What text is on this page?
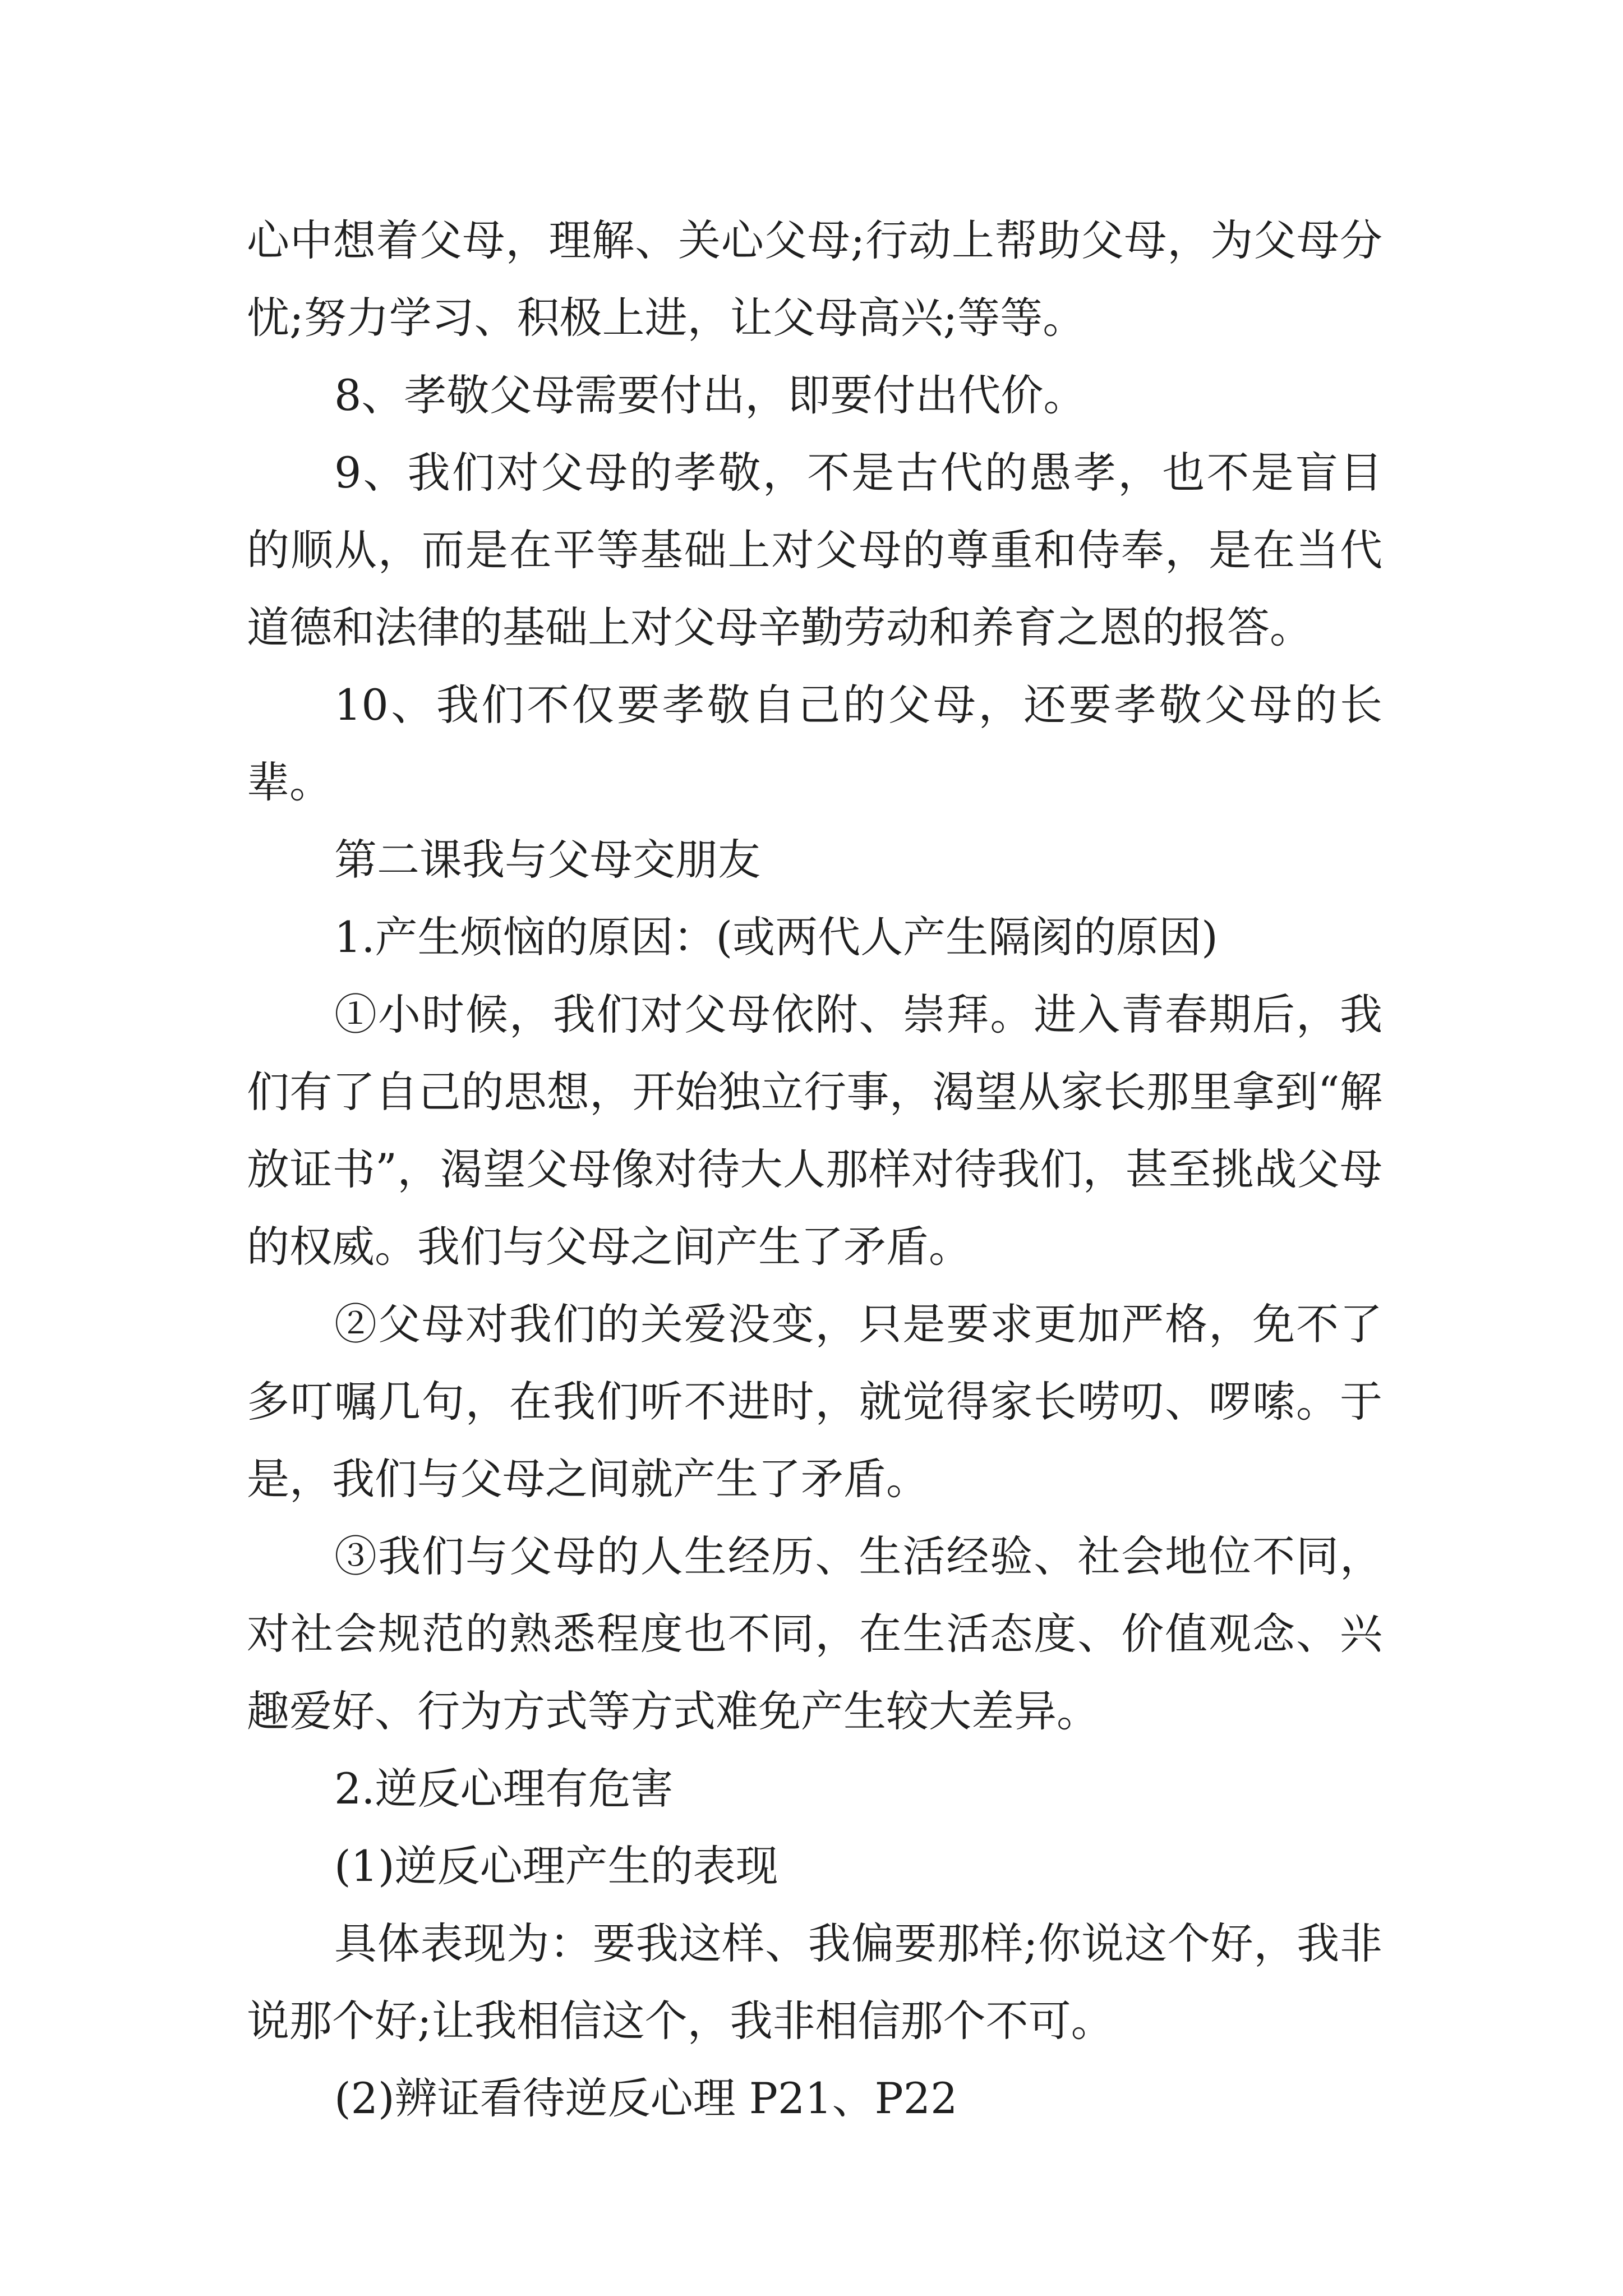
心中想着父母，理解、关心父母;行动上帮助父母，为父母分忧;努力学习、积极上进，让父母高兴;等等。

8、孝敬父母需要付出，即要付出代价。

9、我们对父母的孝敬，不是古代的愚孝，也不是盲目的顺从，而是在平等基础上对父母的尊重和侍奉，是在当代道德和法律的基础上对父母辛勤劳动和养育之恩的报答。

10、我们不仅要孝敬自己的父母，还要孝敬父母的长辈。

第二课我与父母交朋友

1.产生烦恼的原因：(或两代人产生隔阂的原因)

①小时候，我们对父母依附、崇拜。进入青春期后，我们有了自己的思想，开始独立行事，渴望从家长那里拿到“解放证书”，渴望父母像对待大人那样对待我们，甚至挑战父母的权威。我们与父母之间产生了矛盾。

②父母对我们的关爱没变，只是要求更加严格，免不了多叮嘱几句，在我们听不进时，就觉得家长唠叨、啰嗦。于是，我们与父母之间就产生了矛盾。

③我们与父母的人生经历、生活经验、社会地位不同，对社会规范的熟悉程度也不同，在生活态度、价值观念、兴趣爱好、行为方式等方式难免产生较大差异。

2.逆反心理有危害

(1)逆反心理产生的表现

具体表现为：要我这样、我偏要那样;你说这个好，我非说那个好;让我相信这个，我非相信那个不可。

(2)辨证看待逆反心理 P21、P22
